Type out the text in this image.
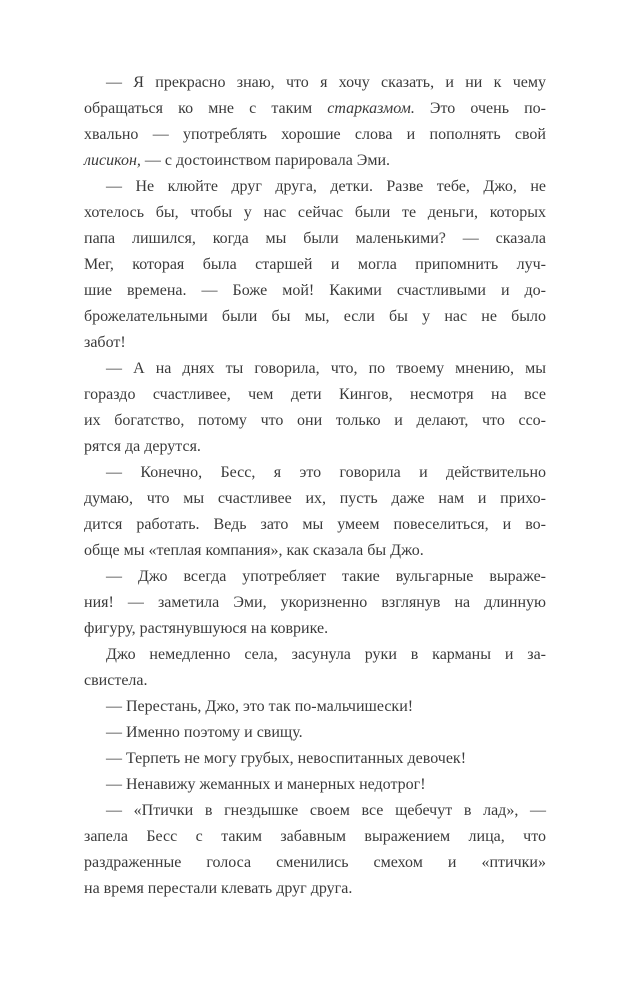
— Я прекрасно знаю, что я хочу сказать, и ни к чему
обращаться ко мне с таким старказмом. Это очень по-
хвально — употреблять хорошие слова и пополнять свой
лисикон, — с достоинством парировала Эми.

— Не клюйте друг друга, детки. Разве тебе, Джо, не
хотелось бы, чтобы у нас сейчас были те деньги, которых
папа лишился, когда мы были маленькими? — сказала
Мег, которая была старшей и могла припомнить луч-
шие времена. — Боже мой! Какими счастливыми и до-
брожелательными были бы мы, если бы у нас не было
забот!

— А на днях ты говорила, что, по твоему мнению, мы
гораздо счастливее, чем дети Кингов, несмотря на все
их богатство, потому что они только и делают, что ссо-
рятся да дерутся.

— Конечно, Бесс, я это говорила и действительно
думаю, что мы счастливее их, пусть даже нам и прихо-
дится работать. Ведь зато мы умеем повеселиться, и во-
обще мы «теплая компания», как сказала бы Джо.

— Джо всегда употребляет такие вульгарные выраже-
ния! — заметила Эми, укоризненно взглянув на длинную
фигуру, растянувшуюся на коврике.

Джо немедленно села, засунула руки в карманы и за-
свистела.

— Перестань, Джо, это так по-мальчишески!

— Именно поэтому и свищу.

— Терпеть не могу грубых, невоспитанных девочек!

— Ненавижу жеманных и манерных недотрог!

— «Птички в гнездышке своем все щебечут в лад», —
запела Бесс с таким забавным выражением лица, что
раздраженные голоса сменились смехом и «птички»
на время перестали клевать друг друга.
